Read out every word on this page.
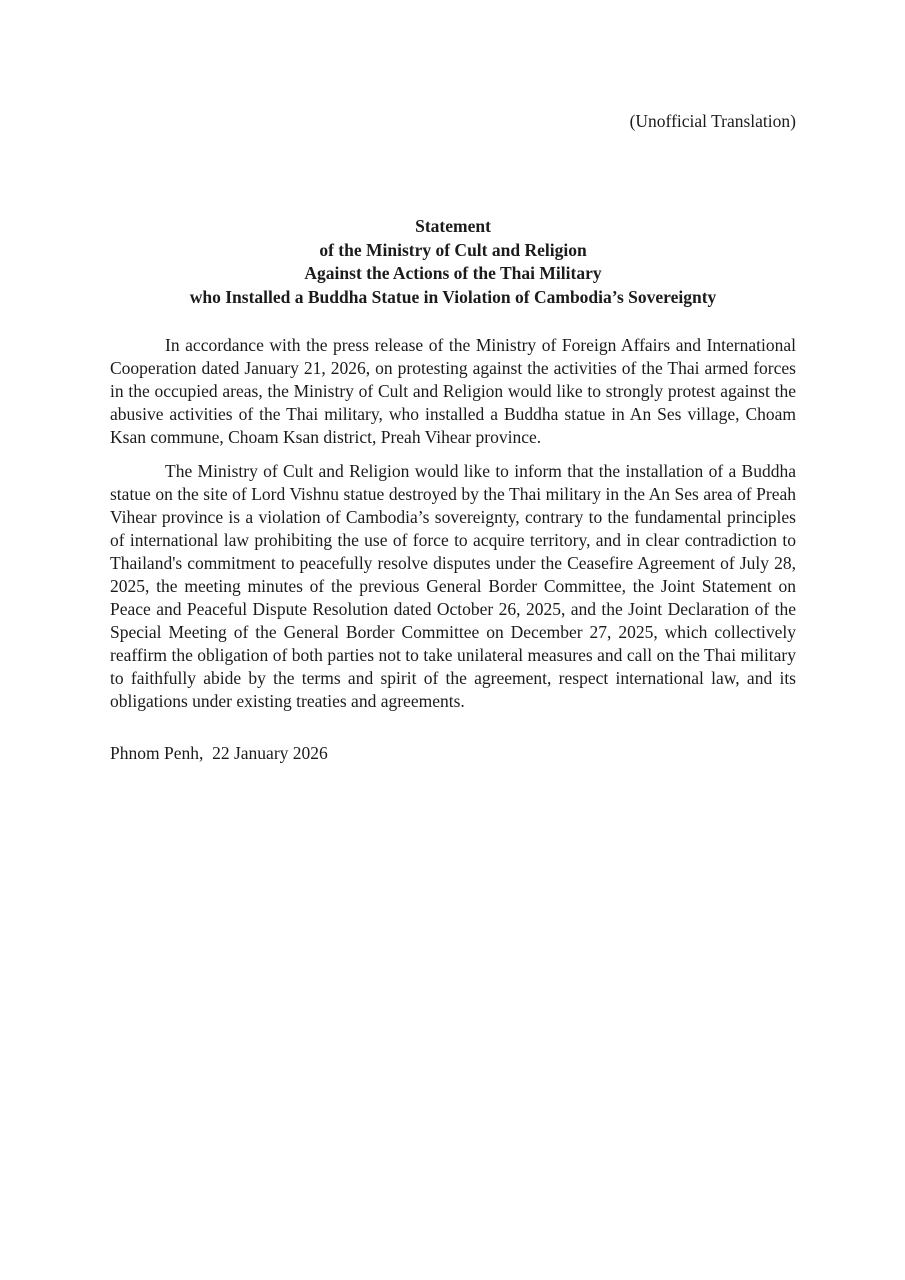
(Unofficial Translation)
Statement
of the Ministry of Cult and Religion
Against the Actions of the Thai Military
who Installed a Buddha Statue in Violation of Cambodia’s Sovereignty

In accordance with the press release of the Ministry of Foreign Affairs and International Cooperation dated January 21, 2026, on protesting against the activities of the Thai armed forces in the occupied areas, the Ministry of Cult and Religion would like to strongly protest against the abusive activities of the Thai military, who installed a Buddha statue in An Ses village, Choam Ksan commune, Choam Ksan district, Preah Vihear province.

The Ministry of Cult and Religion would like to inform that the installation of a Buddha statue on the site of Lord Vishnu statue destroyed by the Thai military in the An Ses area of Preah Vihear province is a violation of Cambodia’s sovereignty, contrary to the fundamental principles of international law prohibiting the use of force to acquire territory, and in clear contradiction to Thailand's commitment to peacefully resolve disputes under the Ceasefire Agreement of July 28, 2025, the meeting minutes of the previous General Border Committee, the Joint Statement on Peace and Peaceful Dispute Resolution dated October 26, 2025, and the Joint Declaration of the Special Meeting of the General Border Committee on December 27, 2025, which collectively reaffirm the obligation of both parties not to take unilateral measures and call on the Thai military to faithfully abide by the terms and spirit of the agreement, respect international law, and its obligations under existing treaties and agreements.

Phnom Penh,  22 January 2026
